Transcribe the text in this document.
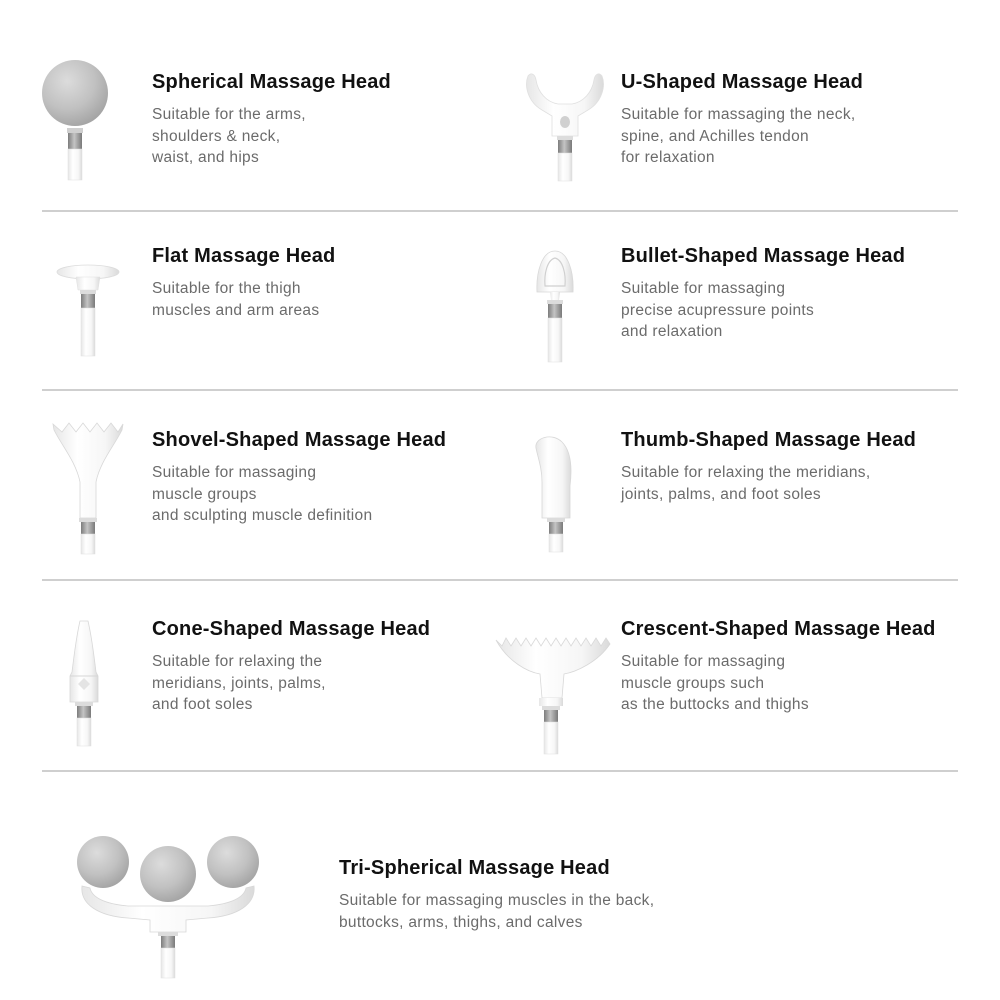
Spherical Massage Head
Suitable for the arms,
shoulders & neck,
waist, and hips
U-Shaped Massage Head
Suitable for massaging the neck,
spine, and Achilles tendon
for relaxation
Flat Massage Head
Suitable for the thigh
muscles and arm areas
Bullet-Shaped Massage Head
Suitable for massaging
precise acupressure points
and relaxation
Shovel-Shaped Massage Head
Suitable for massaging
muscle groups
and sculpting muscle definition
Thumb-Shaped Massage Head
Suitable for relaxing the meridians,
joints, palms, and foot soles
Cone-Shaped Massage Head
Suitable for relaxing the
meridians, joints, palms,
and foot soles
Crescent-Shaped Massage Head
Suitable for massaging
muscle groups such
as the buttocks and thighs
Tri-Spherical Massage Head
Suitable for massaging muscles in the back,
buttocks, arms, thighs, and calves
